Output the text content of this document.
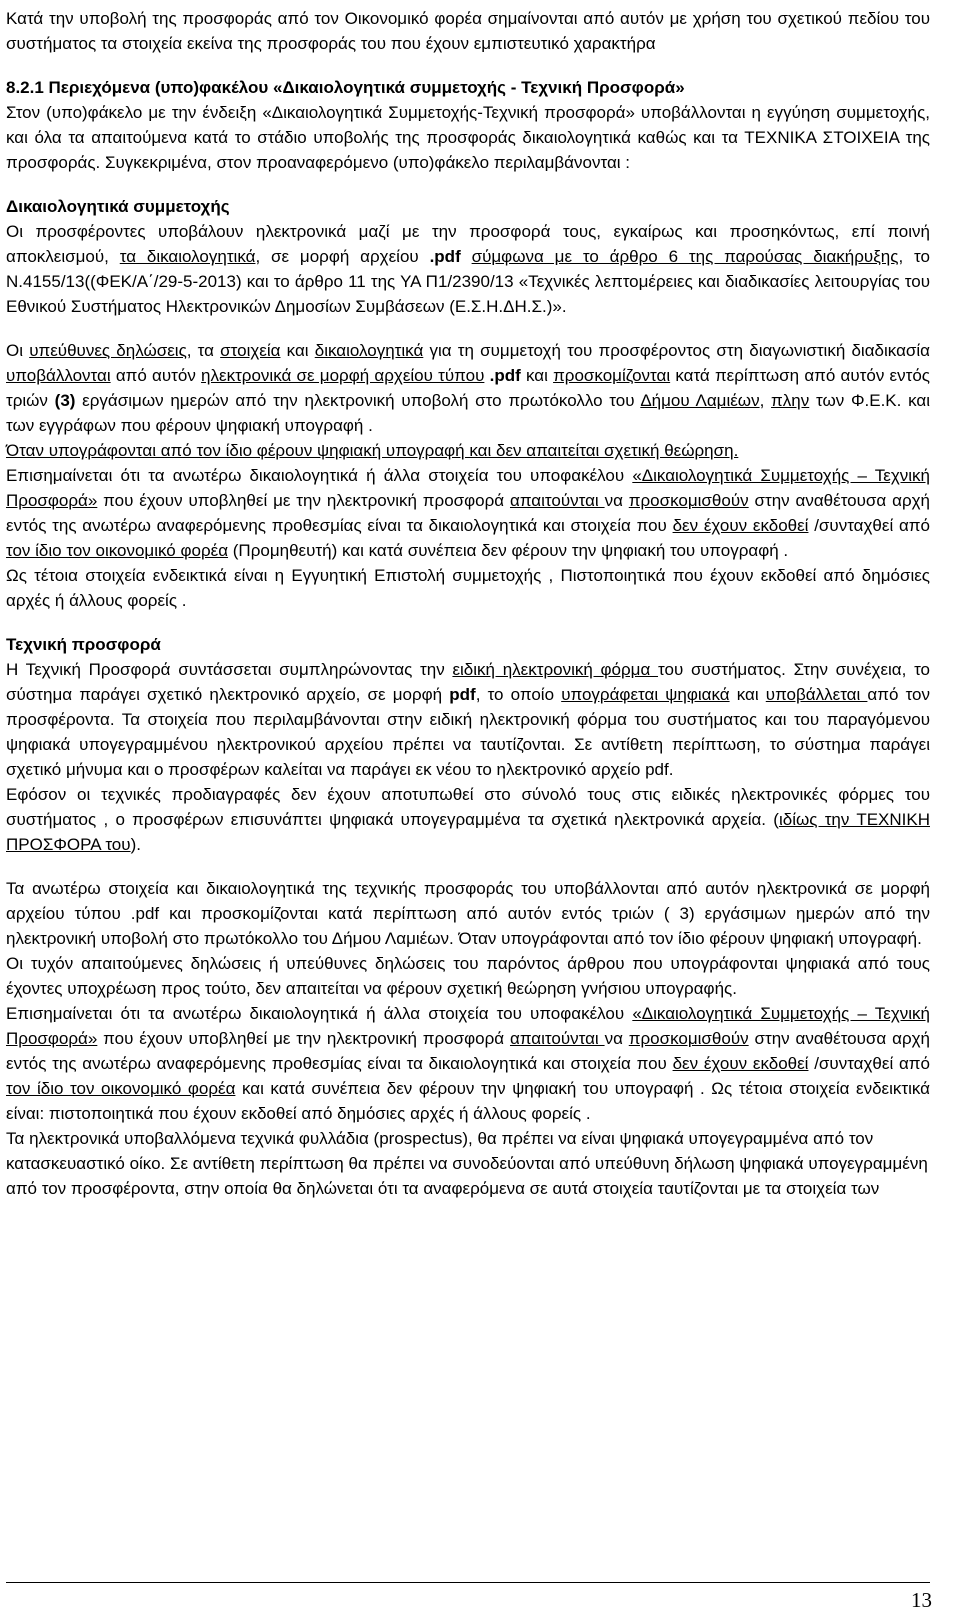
Κατά την υποβολή της προσφοράς από τον Οικονομικό φορέα σημαίνονται από αυτόν με χρήση του σχετικού πεδίου του συστήματος τα στοιχεία εκείνα της προσφοράς του που έχουν εμπιστευτικό χαρακτήρα

8.2.1 Περιεχόμενα (υπο)φακέλου «Δικαιολογητικά συμμετοχής - Τεχνική Προσφορά»

Στον (υπο)φάκελο με την ένδειξη «Δικαιολογητικά Συμμετοχής-Τεχνική προσφορά» υποβάλλονται η εγγύηση συμμετοχής, και όλα τα απαιτούμενα κατά το στάδιο υποβολής της προσφοράς δικαιολογητικά καθώς και τα ΤΕΧΝΙΚΑ ΣΤΟΙΧΕΙΑ της προσφοράς. Συγκεκριμένα, στον προαναφερόμενο (υπο)φάκελο περιλαμβάνονται :

Δικαιολογητικά συμμετοχής

Οι προσφέροντες υποβάλουν ηλεκτρονικά μαζί με την προσφορά τους, εγκαίρως και προσηκόντως, επί ποινή αποκλεισμού, τα δικαιολογητικά, σε μορφή αρχείου .pdf σύμφωνα με το άρθρο 6 της παρούσας διακήρυξης, το Ν.4155/13((ΦΕΚ/Α΄/29-5-2013) και το άρθρο 11 της ΥΑ Π1/2390/13 «Τεχνικές λεπτομέρειες και διαδικασίες λειτουργίας του Εθνικού Συστήματος Ηλεκτρονικών Δημοσίων Συμβάσεων (Ε.Σ.Η.ΔΗ.Σ.)».

Οι υπεύθυνες δηλώσεις, τα στοιχεία και δικαιολογητικά για τη συμμετοχή του προσφέροντος στη διαγωνιστική διαδικασία υποβάλλονται από αυτόν ηλεκτρονικά σε μορφή αρχείου τύπου .pdf και προσκομίζονται κατά περίπτωση από αυτόν εντός τριών (3) εργάσιμων ημερών από την ηλεκτρονική υποβολή στο πρωτόκολλο του Δήμου Λαμιέων, πλην των Φ.Ε.Κ. και των εγγράφων που φέρουν ψηφιακή υπογραφή .

Όταν υπογράφονται από τον ίδιο φέρουν ψηφιακή υπογραφή και δεν απαιτείται σχετική θεώρηση.

Επισημαίνεται ότι τα ανωτέρω δικαιολογητικά ή άλλα στοιχεία του υποφακέλου «Δικαιολογητικά Συμμετοχής – Τεχνική Προσφορά» που έχουν υποβληθεί με την ηλεκτρονική προσφορά απαιτούνται να προσκομισθούν στην αναθέτουσα αρχή εντός της ανωτέρω αναφερόμενης προθεσμίας είναι τα δικαιολογητικά και στοιχεία που δεν έχουν εκδοθεί /συνταχθεί από τον ίδιο τον οικονομικό φορέα (Προμηθευτή) και κατά συνέπεια δεν φέρουν την ψηφιακή του υπογραφή .

Ως τέτοια στοιχεία ενδεικτικά είναι η Εγγυητική Επιστολή συμμετοχής , Πιστοποιητικά που έχουν εκδοθεί από δημόσιες αρχές ή άλλους φορείς .

Τεχνική προσφορά

Η Τεχνική Προσφορά συντάσσεται συμπληρώνοντας την ειδική ηλεκτρονική φόρμα του συστήματος. Στην συνέχεια, το σύστημα παράγει σχετικό ηλεκτρονικό αρχείο, σε μορφή pdf, το οποίο υπογράφεται ψηφιακά και υποβάλλεται από τον προσφέροντα. Τα στοιχεία που περιλαμβάνονται στην ειδική ηλεκτρονική φόρμα του συστήματος και του παραγόμενου ψηφιακά υπογεγραμμένου ηλεκτρονικού αρχείου πρέπει να ταυτίζονται. Σε αντίθετη περίπτωση, το σύστημα παράγει σχετικό μήνυμα και ο προσφέρων καλείται να παράγει εκ νέου το ηλεκτρονικό αρχείο pdf.

Εφόσον οι τεχνικές προδιαγραφές δεν έχουν αποτυπωθεί στο σύνολό τους στις ειδικές ηλεκτρονικές φόρμες του συστήματος , ο προσφέρων επισυνάπτει ψηφιακά υπογεγραμμένα τα σχετικά ηλεκτρονικά αρχεία. (ιδίως την ΤΕΧΝΙΚΗ ΠΡΟΣΦΟΡΑ του).

Τα ανωτέρω στοιχεία και δικαιολογητικά της τεχνικής προσφοράς του υποβάλλονται από αυτόν ηλεκτρονικά σε μορφή αρχείου τύπου .pdf και προσκομίζονται κατά περίπτωση από αυτόν εντός τριών ( 3) εργάσιμων ημερών από την ηλεκτρονική υποβολή στο πρωτόκολλο του Δήμου Λαμιέων. Όταν υπογράφονται από τον ίδιο φέρουν ψηφιακή υπογραφή.

Οι τυχόν απαιτούμενες δηλώσεις ή υπεύθυνες δηλώσεις του παρόντος άρθρου που υπογράφονται ψηφιακά από τους έχοντες υποχρέωση προς τούτο, δεν απαιτείται να φέρουν σχετική θεώρηση γνήσιου υπογραφής.

Επισημαίνεται ότι τα ανωτέρω δικαιολογητικά ή άλλα στοιχεία του υποφακέλου «Δικαιολογητικά Συμμετοχής – Τεχνική Προσφορά» που έχουν υποβληθεί με την ηλεκτρονική προσφορά απαιτούνται να προσκομισθούν στην αναθέτουσα αρχή εντός της ανωτέρω αναφερόμενης προθεσμίας είναι τα δικαιολογητικά και στοιχεία που δεν έχουν εκδοθεί /συνταχθεί από τον ίδιο τον οικονομικό φορέα και κατά συνέπεια δεν φέρουν την ψηφιακή του υπογραφή . Ως τέτοια στοιχεία ενδεικτικά είναι: πιστοποιητικά που έχουν εκδοθεί από δημόσιες αρχές ή άλλους φορείς .

Τα ηλεκτρονικά υποβαλλόμενα τεχνικά φυλλάδια (prospectus), θα πρέπει να είναι ψηφιακά υπογεγραμμένα από τον κατασκευαστικό οίκο. Σε αντίθετη περίπτωση θα πρέπει να συνοδεύονται από υπεύθυνη δήλωση ψηφιακά υπογεγραμμένη από τον προσφέροντα, στην οποία θα δηλώνεται ότι τα αναφερόμενα σε αυτά στοιχεία ταυτίζονται με τα στοιχεία των

13
